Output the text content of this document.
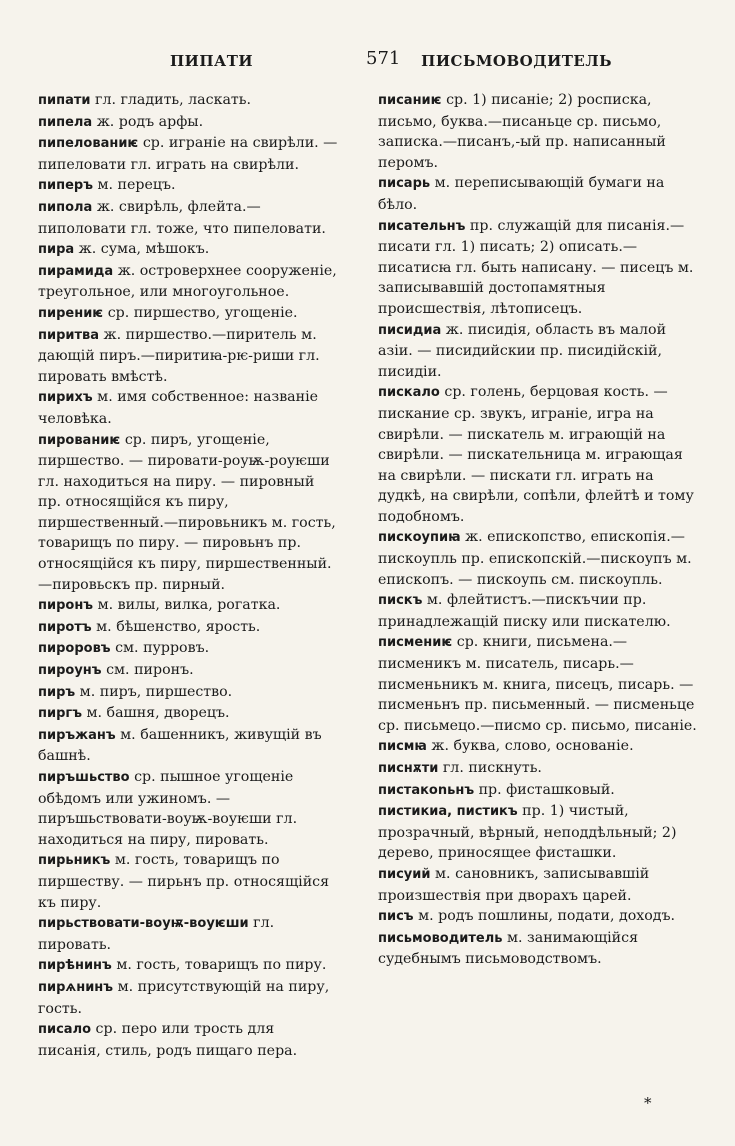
ПИПАТИ	571 ПИСЬМОВОДИТЕЛЬ

пипати гл. гладить, ласкать.

пипела ж. родъ арфы.

пипелованиѥ ср. играніе на свирѣли. —пипеловати гл. играть на свирѣли.

пиперъ м. перецъ.

пипола ж. свирѣль, флейта.—пиполовати гл. тоже, что пипеловати.

пира ж. сума, мѣшокъ.

пирамида ж. островерхнее сооруженіе, треугольное, или многоугольное.

пирениѥ ср. пиршество, угощеніе.

пиритва ж. пиршество.—пиритель м. дающій пиръ.—пиритиꙗ-рѥ-риши гл. пировать вмѣстѣ.

пирихъ м. имя собственное: названіе человѣка.

пированиѥ ср. пиръ, угощеніе, пиршество. — пировати-роуѭ-роуѥши гл. находиться на пиру. — пировный пр. относящійся къ пиру, пиршественный.—пировьникъ м. гость, товарищъ по пиру. — пировьнъ пр. относящійся къ пиру, пиршественный.—пировьскъ пр. пирный.

пиронъ м. вилы, вилка, рогатка.

пиротъ м. бѣшенство, ярость.

пироровъ см. пурровъ.

пироунъ см. пиронъ.

пиръ м. пиръ, пиршество.

пиргъ м. башня, дворецъ.

пиръжанъ м. башенникъ, живущій въ башнѣ.

пиръшьство ср. пышное угощеніе обѣдомъ или ужиномъ. — пиръшьствовати-воуѭ-воуѥши гл. находиться на пиру, пировать.

пирьникъ м. гость, товарищъ по пиршеству. — пирьнъ пр. относящійся къ пиру.

пирьствовати-воуѭ-воуѥши гл. пировать.

пирѣнинъ м. гость, товарищъ по пиру.

пирѧнинъ м. присутствующій на пиру, гость.

писало ср. перо или трость для писанія, стиль, родъ пищаго пера.

писаниѥ ср. 1) писаніе; 2) росписка, письмо, буква.—писаньце ср. письмо, записка.—писанъ,-ый пр. написанный перомъ.

писарь м. переписывающій бумаги на бѣло.

писательнъ пр. служащій для писанія.—писати гл. 1) писать; 2) описать.—писатисꙗ гл. быть написану. — писецъ м. записывавшій достопамятныя происшествія, лѣтописецъ.

писидиа ж. писидія, область въ малой азіи. — писидийскии пр. писидійскій, писидіи.

пискало ср. голень, берцовая кость. —пискание ср. звукъ, играніе, игра на свирѣли. — пискатель м. играющій на свирѣли. — пискательница м. играющая на свирѣли. — пискати гл. играть на дудкѣ, на свирѣли, сопѣли, флейтѣ и тому подобномъ.

пискоупиꙗ ж. епископство, епископія.—пискоупль пр. епископскій.—пискоупъ м. епископъ. — пискоупь см. пискоупль.

пискъ м. флейтистъ.—пискъчии пр. принадлежащій писку или пискателю.

писмениѥ ср. книги, письмена.—писменикъ м. писатель, писарь.—писменьникъ м. книга, писецъ, писарь. — писменьнъ пр. письменный. — писменьце ср. письмецо.—писмо ср. письмо, писаніе.

писмꙗ ж. буква, слово, основаніе.

писнѫти гл. пискнуть.

пистакоnьнъ пр. фисташковый.

пистикиа, пистикъ пр. 1) чистый, прозрачный, вѣрный, неподдѣльный; 2) дерево, приносящее фисташки.

писуий м. сановникъ, записывавшій произшествія при дворахъ царей.

писъ м. родъ пошлины, подати, доходъ.

письмоводитель м. занимающійся судебнымъ письмоводствомъ.

*
